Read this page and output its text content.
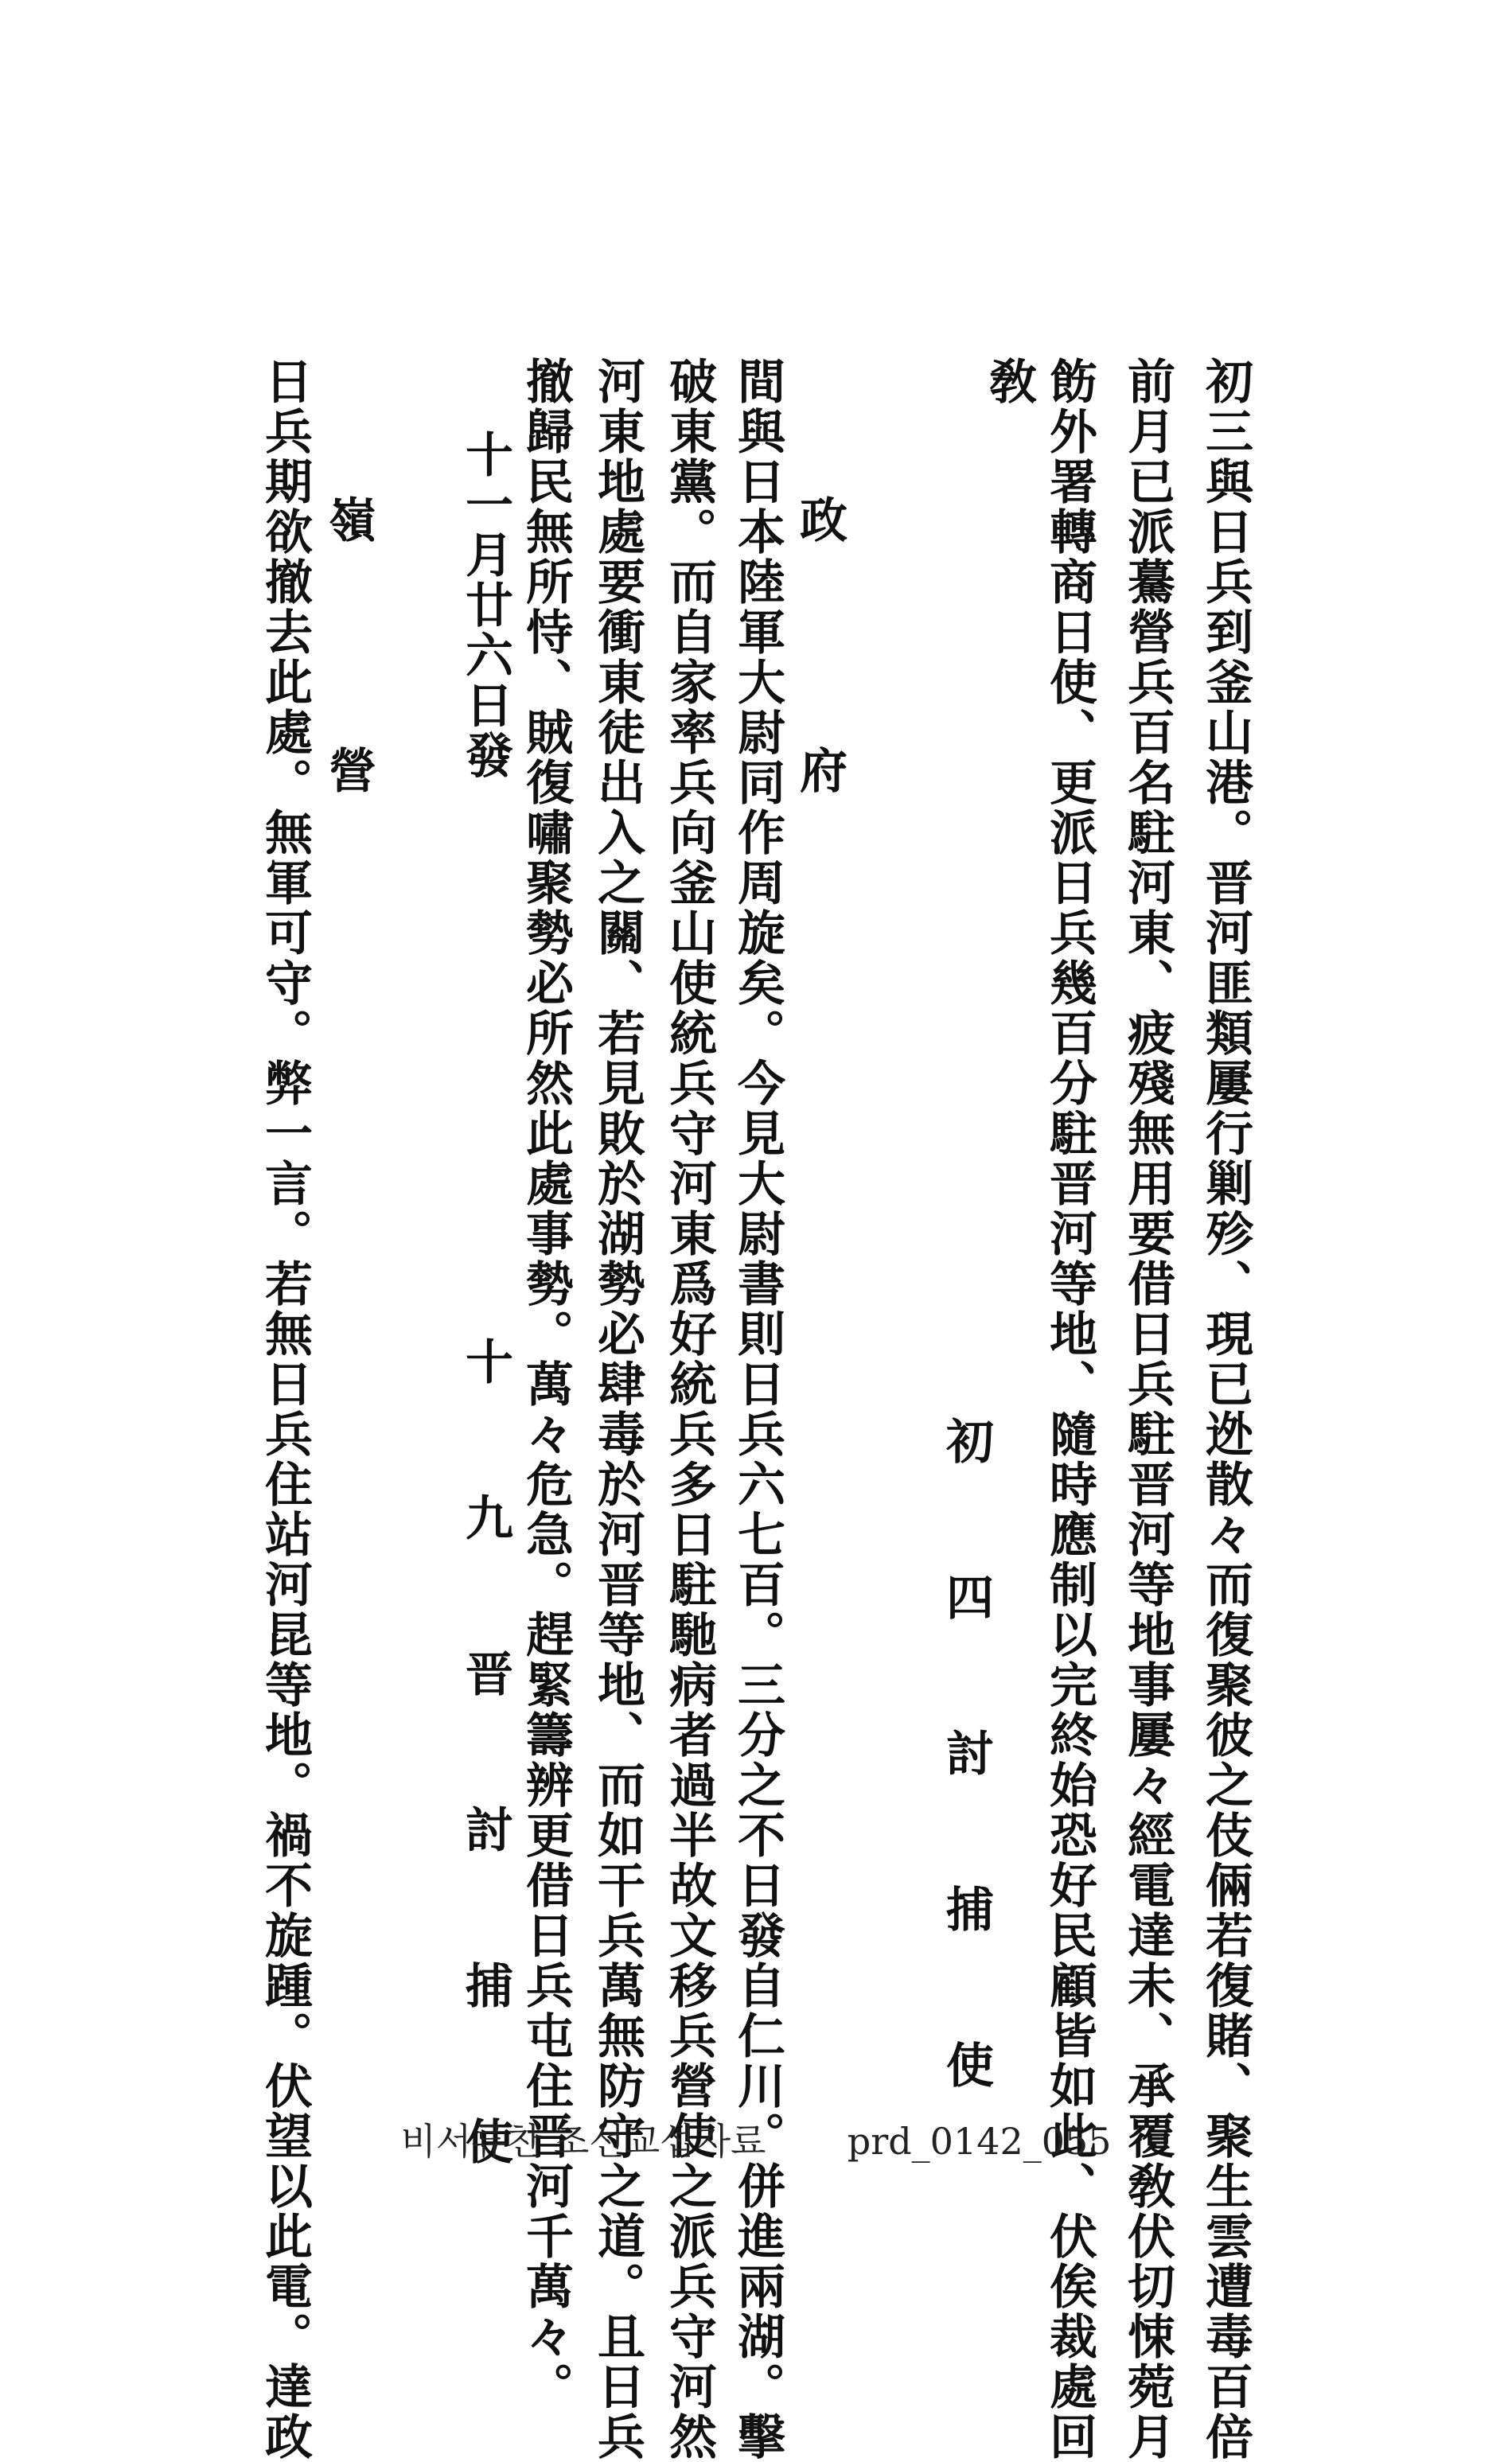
初三與日兵到釜山港。晋河匪類屢行剿殄、現已迯散々而復聚彼之伎倆若復賭、聚生雲遭毒百倍
前月已派驀營兵百名駐河東、疲殘無用要借日兵駐晋河等地事屢々經電達未、承覆敎伏切悚菀月
飭外署轉商日使、更派日兵幾百分駐晋河等地、隨時應制以完終始恐好民顧皆如此、伏俟裁處回
敎
初　四　討　捕　使
政　　府
間與日本陸軍大尉同作周旋矣。今見大尉書則日兵六七百。三分之不日發自仁川。併進兩湖。擊
破東黨。而自家率兵向釜山使統兵守河東爲好統兵多日駐馳病者過半故文移兵營使之派兵守河然
河東地處要衝東徒出入之關、若見敗於湖勢必肆毒於河晋等地、而如干兵萬無防守之道。且日兵
撤歸民無所恃、賊復嘯聚勢必所然此處事勢。萬々危急。趕緊籌辨更借日兵屯住晋河千萬々。
十一月廿六日發
十　九　晋　討　捕　使
嶺　　營
日兵期欲撤去此處。無軍可守。弊一言。若無日兵住站河昆等地。禍不旋踵。伏望以此電。達政	비서류찬 조선교섭자료 prd_0142_055
